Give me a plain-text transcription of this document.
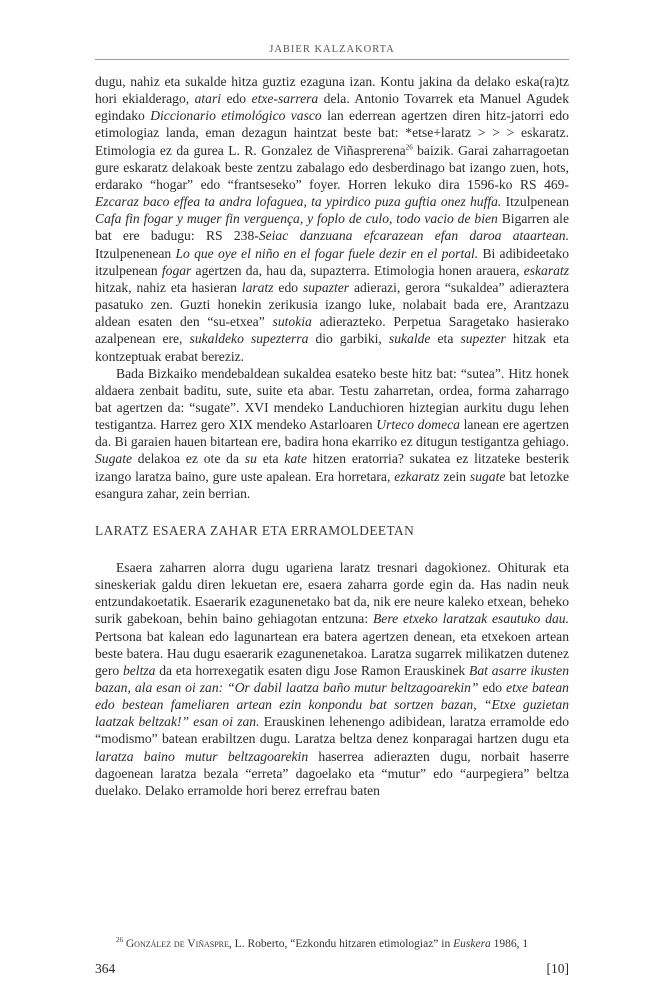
JABIER KALZAKORTA

dugu, nahiz eta sukalde hitza guztiz ezaguna izan. Kontu jakina da delako eska(ra)tz hori ekialderago, atari edo etxe-sarrera dela. Antonio Tovarrek eta Manuel Agudek egindako Diccionario etimológico vasco lan ederrean agertzen diren hitz-jatorri edo etimologiaz landa, eman dezagun haintzat beste bat: *etse+laratz > > > eskaratz. Etimologia ez da gurea L. R. Gonzalez de Viñasprerena$^{26}$ baizik. Garai zaharragoetan gure eskaratz delakoak beste zentzu zabalago edo desberdinago bat izango zuen, hots, erdarako “hogar” edo “frantseseko” foyer. Horren lekuko dira 1596-ko RS 469-Ezcaraz baco effea ta andra lofaguea, ta ypirdico puza guftia onez huffa. Itzulpenean Cafa fin fogar y muger fin verguença, y foplo de culo, todo vacio de bien Bigarren ale bat ere badugu: RS 238-Seiac danzuana efcarazean efan daroa ataartean. Itzulpenenean Lo que oye el niño en el fogar fuele dezir en el portal. Bi adibideetako itzulpenean fogar agertzen da, hau da, supazterra. Etimologia honen arauera, eskaratz hitzak, nahiz eta hasieran laratz edo supazter adierazi, gerora “sukaldea” adieraztera pasatuko zen. Guzti honekin zerikusia izango luke, nolabait bada ere, Arantzazu aldean esaten den “su-etxea” sutokia adierazteko. Perpetua Saragetako hasierako azalpenean ere, sukaldeko supezterra dio garbiki, sukalde eta supezter hitzak eta kontzeptuak erabat bereziz.

Bada Bizkaiko mendebaldean sukaldea esateko beste hitz bat: “sutea”. Hitz honek aldaera zenbait baditu, sute, suite eta abar. Testu zaharretan, ordea, forma zaharrago bat agertzen da: “sugate”. XVI mendeko Landuchioren hiztegian aurkitu dugu lehen testigantza. Harrez gero XIX mendeko Astarloaren Urteco domeca lanean ere agertzen da. Bi garaien hauen bitartean ere, badira hona ekarriko ez ditugun testigantza gehiago. Sugate delakoa ez ote da su eta kate hitzen eratorria? sukatea ez litzateke besterik izango laratza baino, gure uste apalean. Era horretara, ezkaratz zein sugate bat letozke esangura zahar, zein berrian.

LARATZ ESAERA ZAHAR ETA ERRAMOLDEETAN

Esaera zaharren alorra dugu ugariena laratz tresnari dagokionez. Ohiturak eta sineskeriak galdu diren lekuetan ere, esaera zaharra gorde egin da. Has nadin neuk entzundakoetatik. Esaerarik ezagunenetako bat da, nik ere neure kaleko etxean, beheko surik gabekoan, behin baino gehiagotan entzuna: Bere etxeko laratzak esautuko dau. Pertsona bat kalean edo lagunartean era batera agertzen denean, eta etxekoen artean beste batera. Hau dugu esaerarik ezagunenetakoa. Laratza sugarrek milikatzen dutenez gero beltza da eta horrexegatik esaten digu Jose Ramon Erauskinek Bat asarre ikusten bazan, ala esan oi zan: “Or dabil laatza baño mutur beltzagoarekin” edo etxe batean edo bestean fameliaren artean ezin konpondu bat sortzen bazan, “Etxe guzietan laatzak beltzak!” esan oi zan. Erauskinen lehenengo adibidean, laratza erramolde edo “modismo” batean erabiltzen dugu. Laratza beltza denez konparagai hartzen dugu eta laratza baino mutur beltzagoarekin haserrea adierazten dugu, norbait haserre dagoenean laratza bezala “erreta” dagoelako eta “mutur” edo “aurpegiera” beltza duelako. Delako erramolde hori berez errefrau baten

$^{26}$ González de Viñaspre, L. Roberto, “Ezkondu hitzaren etimologiaz” in Euskera 1986, 1
364	[10]
